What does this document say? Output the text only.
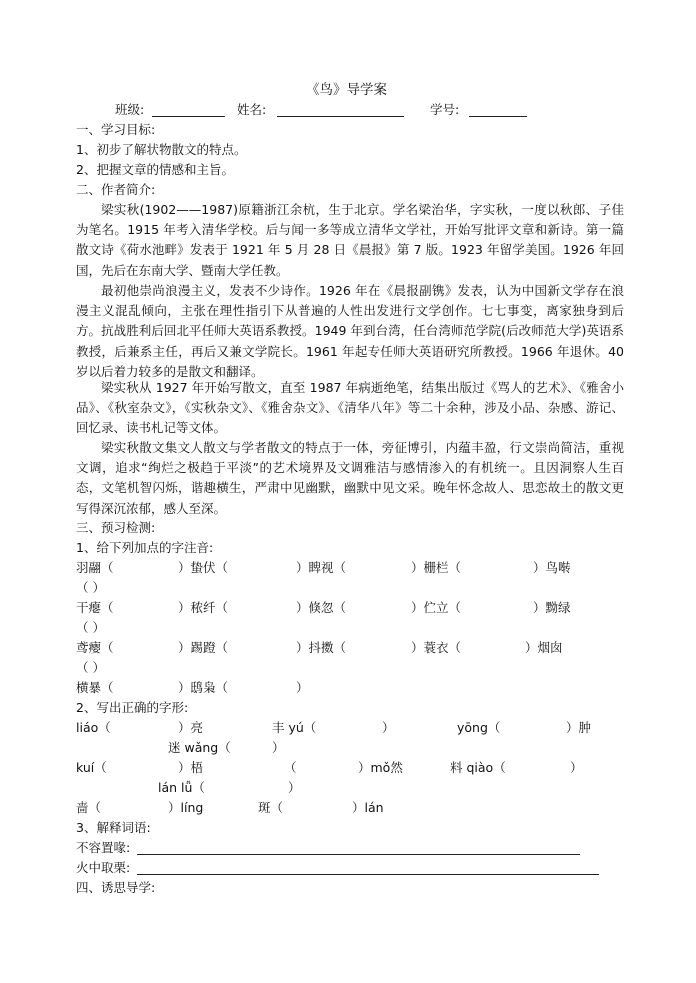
《鸟》导学案
班级:	姓名:	学号:
一、学习目标:
1、初步了解状物散文的特点。
2、把握文章的情感和主旨。
二、作者简介:
梁实秋(1902——1987)原籍浙江余杭，生于北京。学名梁治华，字实秋，一度以秋郎、子佳为笔名。1915 年考入清华学校。后与闻一多等成立清华文学社，开始写批评文章和新诗。第一篇散文诗《荷水池畔》发表于 1921 年 5 月 28 日《晨报》第 7 版。1923 年留学美国。1926 年回国，先后在东南大学、暨南大学任教。
最初他崇尚浪漫主义，发表不少诗作。1926 年在《晨报副镌》发表，认为中国新文学存在浪漫主义混乱倾向，主张在理性指引下从普遍的人性出发进行文学创作。七七事变，离家独身到后方。抗战胜利后回北平任师大英语系教授。1949 年到台湾，任台湾师范学院(后改师范大学)英语系教授，后兼系主任，再后又兼文学院长。1961 年起专任师大英语研究所教授。1966 年退休。40 岁以后着力较多的是散文和翻译。
梁实秋从 1927 年开始写散文，直至 1987 年病逝绝笔，结集出版过《骂人的艺术》、《雅舍小品》、《秋室杂文》，《实秋杂文》、《雅舍杂文》、《清华八年》等二十余种，涉及小品、杂感、游记、回忆录、读书札记等文体。
梁实秋散文集文人散文与学者散文的特点于一体，旁征博引，内蕴丰盈，行文崇尚简洁，重视文调，追求“绚烂之极趋于平淡”的艺术境界及文调雅洁与感情渗入的有机统一。且因洞察人生百态，文笔机智闪烁，谐趣横生，严肃中见幽默，幽默中见文采。晚年怀念故人、思恋故土的散文更写得深沉浓郁，感人至深。
三、预习检测:
1、给下列加点的字注音:
羽翮（	）蛰伏（	）睥视（	）栅栏（	）鸟啭
（ ）
干瘪（	）秾纤（	）倏忽（	）伫立（	）黝绿
（ ）
鸢瘿（	）踢蹬（	）抖擞（	）蓑衣（	）烟囱
（ ）
横暴（	）鸱枭（	）
2、写出正确的字形:
liáo（	）亮	丰 yú（	）	yōng（	）肿
迷 wǎng（	）
kuí（	）梧	（	）mǒ然	料 qiào（	）
lán lǚ（	）
啬（	）líng	斑（	）lán
3、解释词语:
不容置喙:
火中取栗:
四、诱思导学:
